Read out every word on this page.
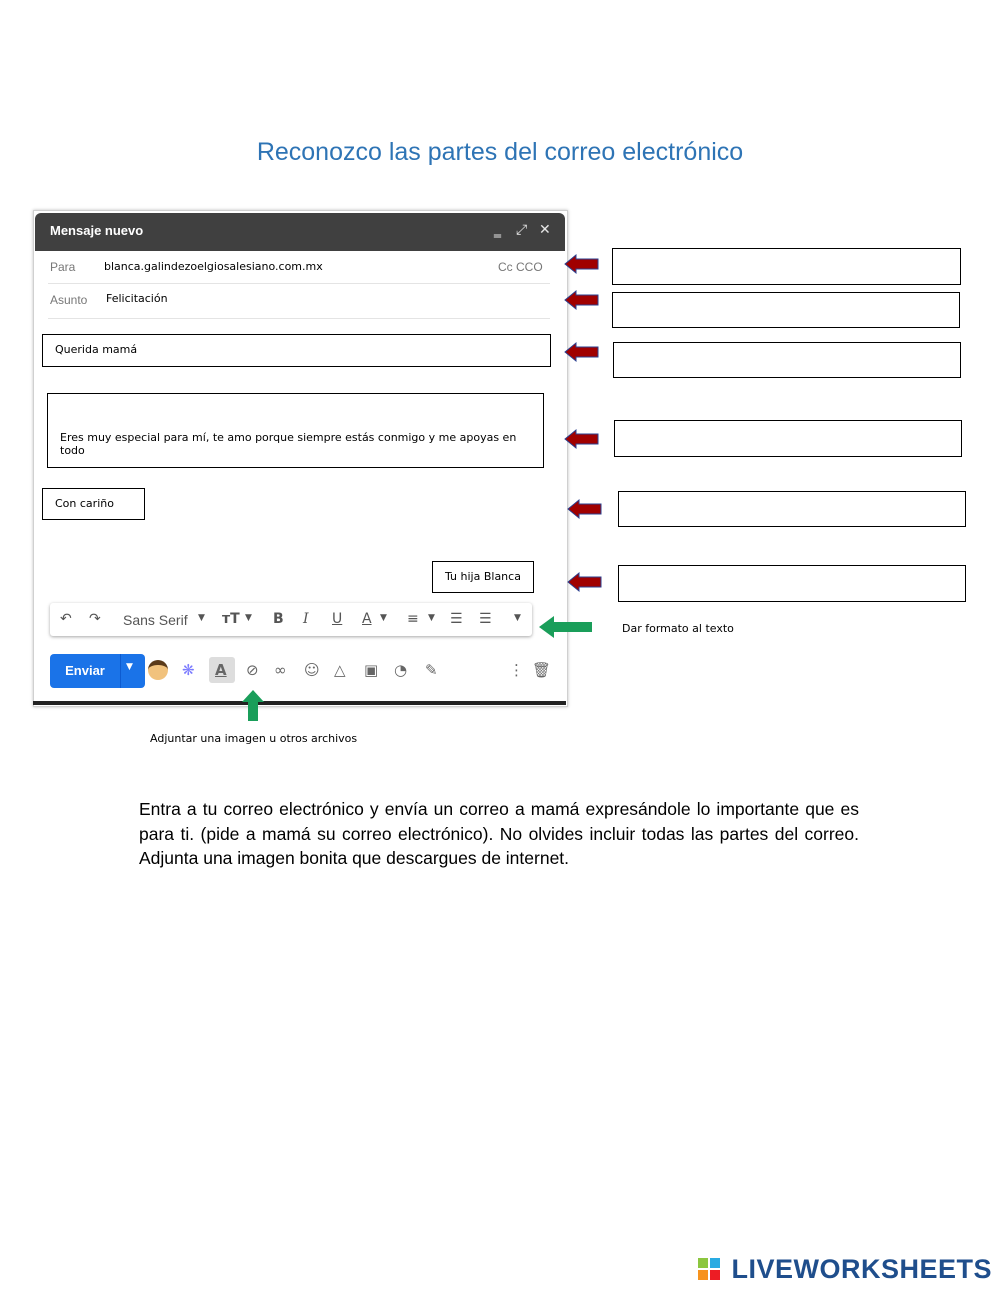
Reconozco las partes del correo electrónico
Mensaje nuevo	‗ ⤢ ✕
Para	blanca.galindezoelgiosalesiano.com.mx	Cc CCO
Asunto Felicitación
Querida mamá
Eres muy especial para mí, te amo porque siempre estás conmigo y me apoyas en todo
Con cariño
Tu hija Blanca
↶ ↷ Sans Serif ▼ ᴛT ▼ B I U A ▼ ≡ ▼ ☰ ☰ ▼
Enviar	▼	❋ A ⊘ ∞ ☺ △ ▣ ◔ ✎	⋮ 🗑
Dar formato al texto
Adjuntar una imagen u otros archivos
Entra a tu correo electrónico y envía un correo a mamá expresándole lo importante que es para ti. (pide a mamá su correo electrónico). No olvides incluir todas las partes del correo. Adjunta una imagen bonita que descargues de internet.
LIVEWORKSHEETS
